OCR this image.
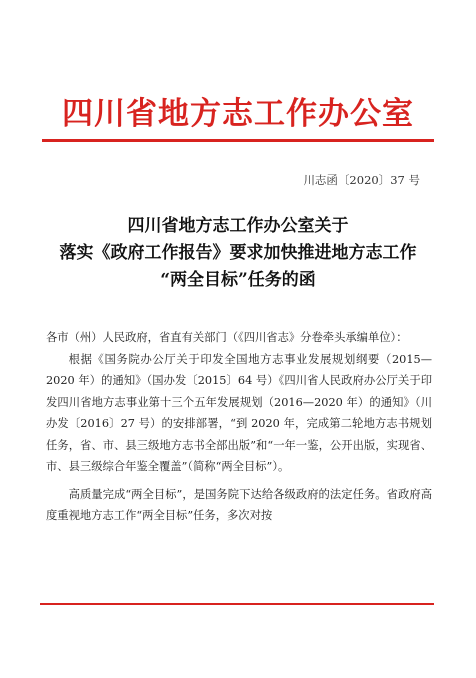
四川省地方志工作办公室
川志函〔2020〕37 号
四川省地方志工作办公室关于
落实《政府工作报告》要求加快推进地方志工作
“两全目标”任务的函

各市（州）人民政府，省直有关部门（《四川省志》分卷牵头承编单位）：

根据《国务院办公厅关于印发全国地方志事业发展规划纲要（2015—2020 年）的通知》（国办发〔2015〕64 号）《四川省人民政府办公厅关于印发四川省地方志事业第十三个五年发展规划（2016—2020 年）的通知》（川办发〔2016〕27 号）的安排部署，“到 2020 年，完成第二轮地方志书规划任务，省、市、县三级地方志书全部出版”和“一年一鉴，公开出版，实现省、市、县三级综合年鉴全覆盖”（简称“两全目标”）。

高质量完成“两全目标”，是国务院下达给各级政府的法定任务。省政府高度重视地方志工作“两全目标”任务，多次对按
